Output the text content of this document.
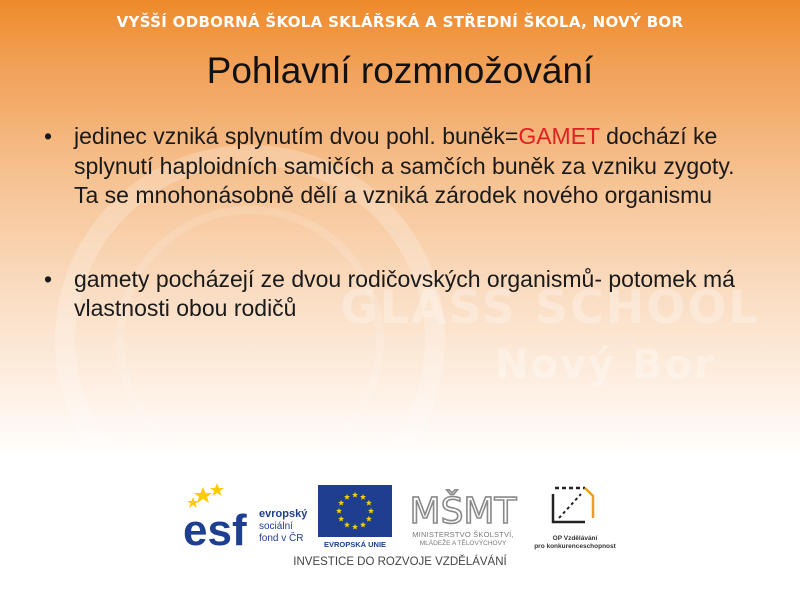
GLASS SCHOOL
Nový Bor
VYŠŠÍ ODBORNÁ ŠKOLA SKLÁŘSKÁ A STŘEDNÍ ŠKOLA, NOVÝ BOR
Pohlavní rozmnožování
• jedinec vzniká splynutím dvou pohl. buněk=GAMET dochází ke splynutí haploidních samičích a samčích buněk za vzniku zygoty. Ta se mnohonásobně dělí a vzniká zárodek nového organismu
• gamety pocházejí ze dvou rodičovských organismů- potomek má vlastnosti obou rodičů
esf evropský
sociální
fond v ČR
EVROPSKÁ UNIE
MŠMT
MINISTERSTVO ŠKOLSTVÍ,
MLÁDEŽE A TĚLOVÝCHOVY
OP Vzdělávání
pro konkurenceschopnost
INVESTICE DO ROZVOJE VZDĚLÁVÁNÍ
